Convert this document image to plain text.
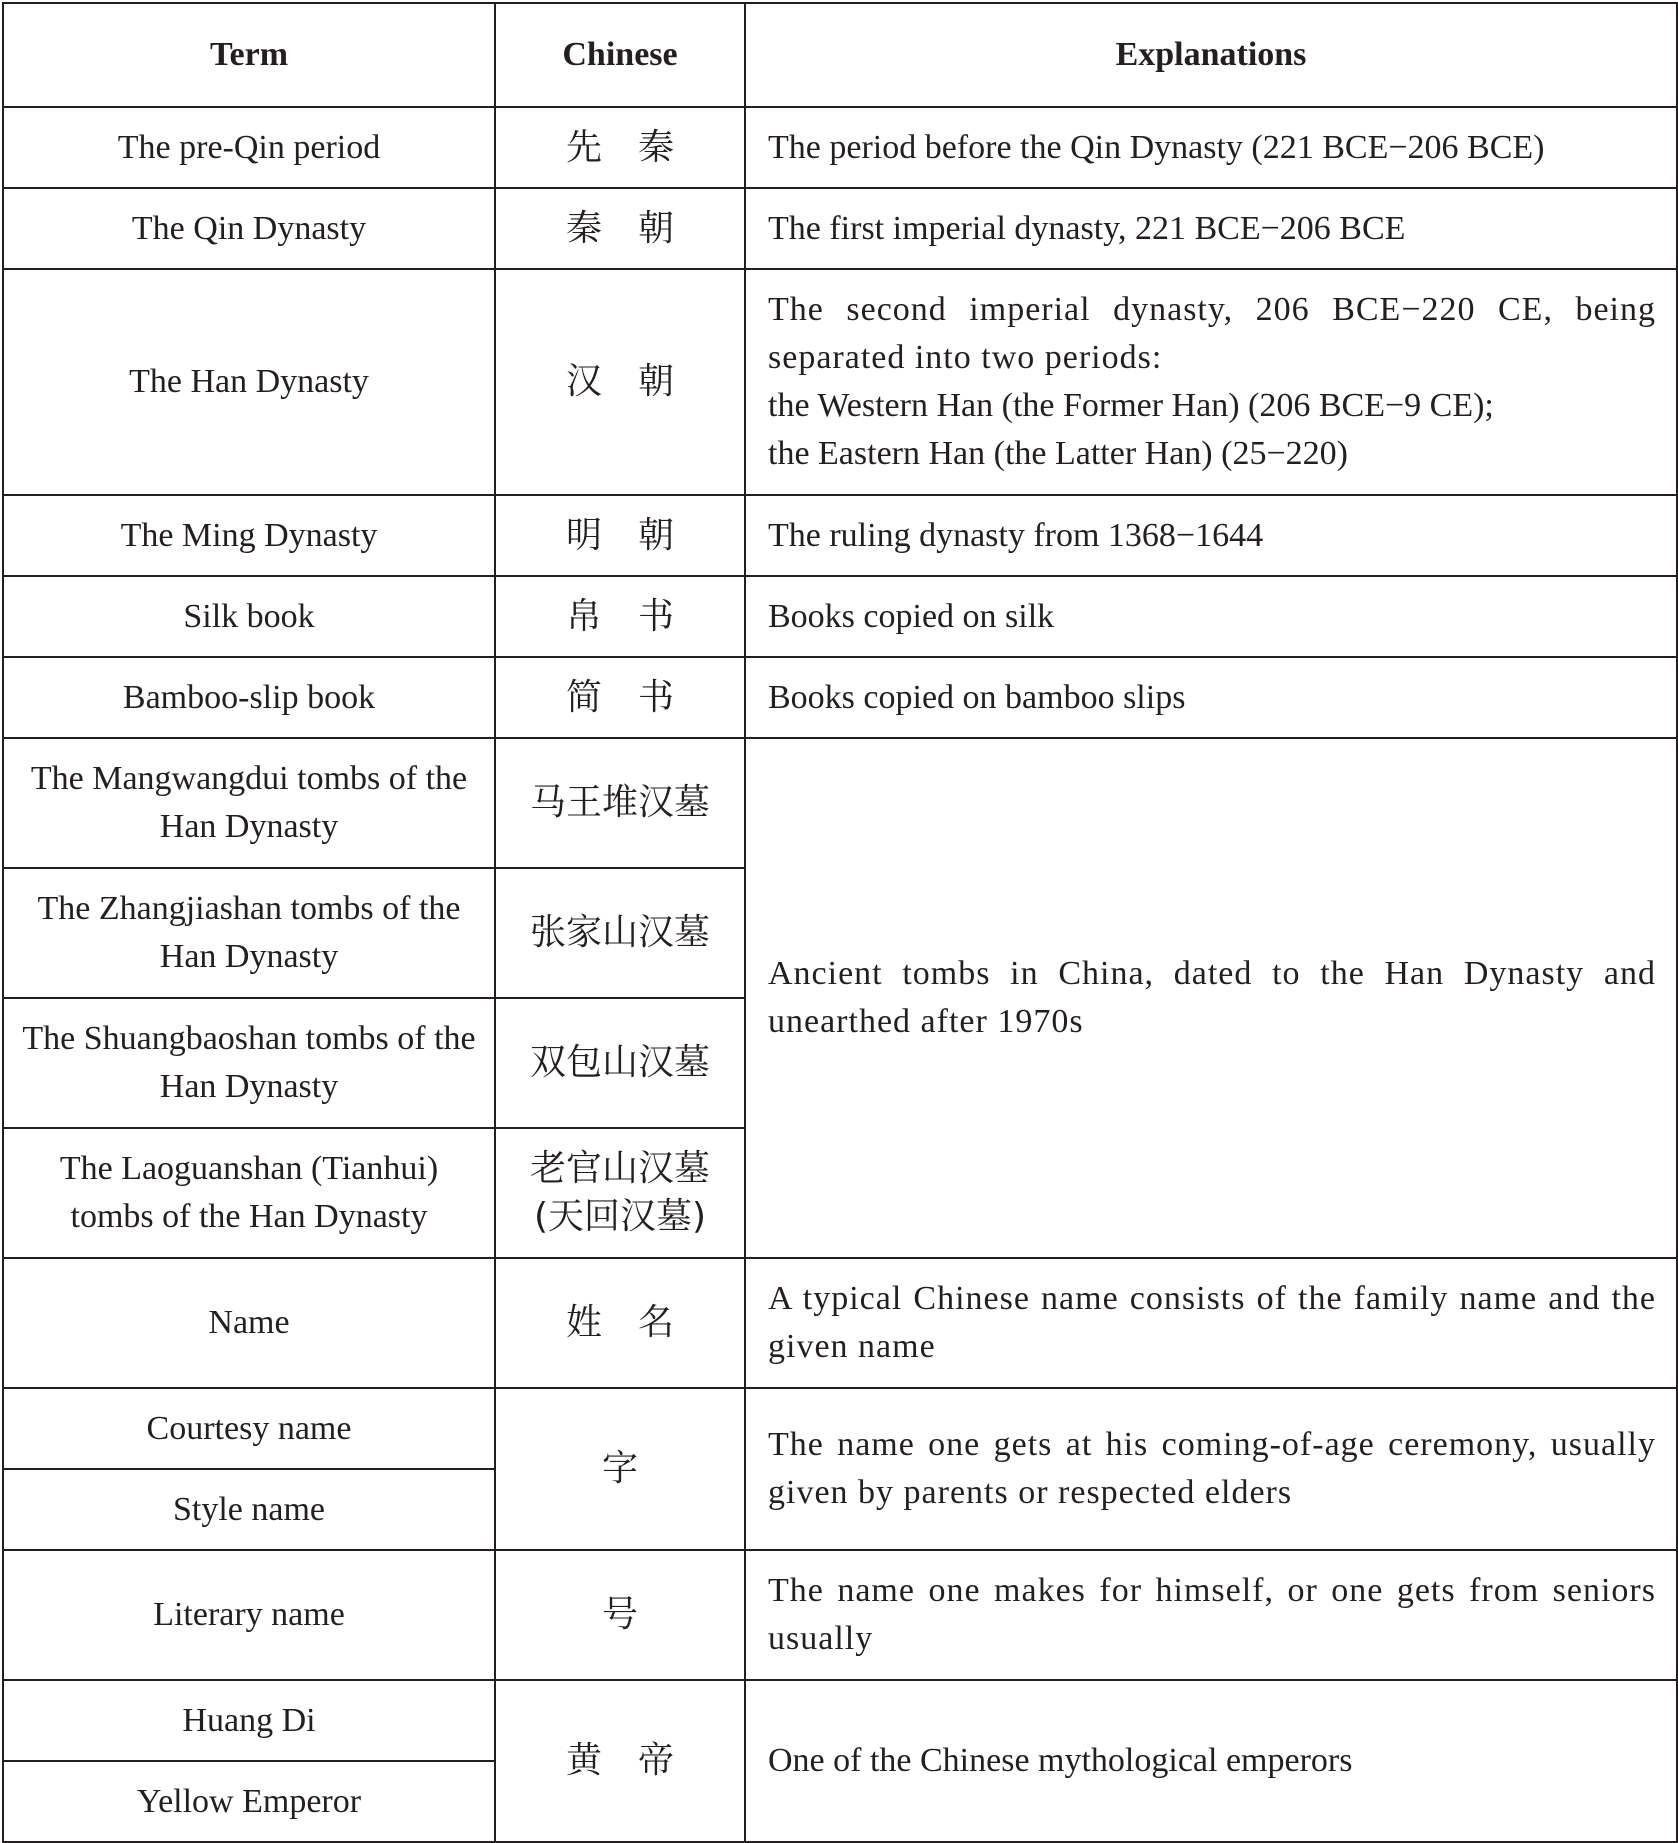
Term	Chinese	Explanations
The pre-Qin period	先　秦	The period before the Qin Dynasty (221 BCE−206 BCE)
The Qin Dynasty	秦　朝	The first imperial dynasty, 221 BCE−206 BCE
The Han Dynasty	汉　朝	The second imperial dynasty, 206 BCE−220 CE, being separated into two periods:
the Western Han (the Former Han) (206 BCE−9 CE);
the Eastern Han (the Latter Han) (25−220)

The Ming Dynasty	明　朝	The ruling dynasty from 1368−1644
Silk book	帛　书	Books copied on silk
Bamboo-slip book	简　书	Books copied on bamboo slips
The Mangwangdui tombs of the Han Dynasty	马王堆汉墓	Ancient tombs in China, dated to the Han Dynasty and unearthed after 1970s
The Zhangjiashan tombs of the Han Dynasty	张家山汉墓	
The Shuangbaoshan tombs of the Han Dynasty	双包山汉墓	
The Laoguanshan (Tianhui) tombs of the Han Dynasty	老官山汉墓
(天回汉墓)	

Name	姓　名	A typical Chinese name consists of the family name and the given name
Courtesy name	字	The name one gets at his coming-of-age ceremony, usually given by parents or respected elders
Style name		
Literary name	号	The name one makes for himself, or one gets from seniors usually
Huang Di	黄　帝	One of the Chinese mythological emperors
Yellow Emperor		
